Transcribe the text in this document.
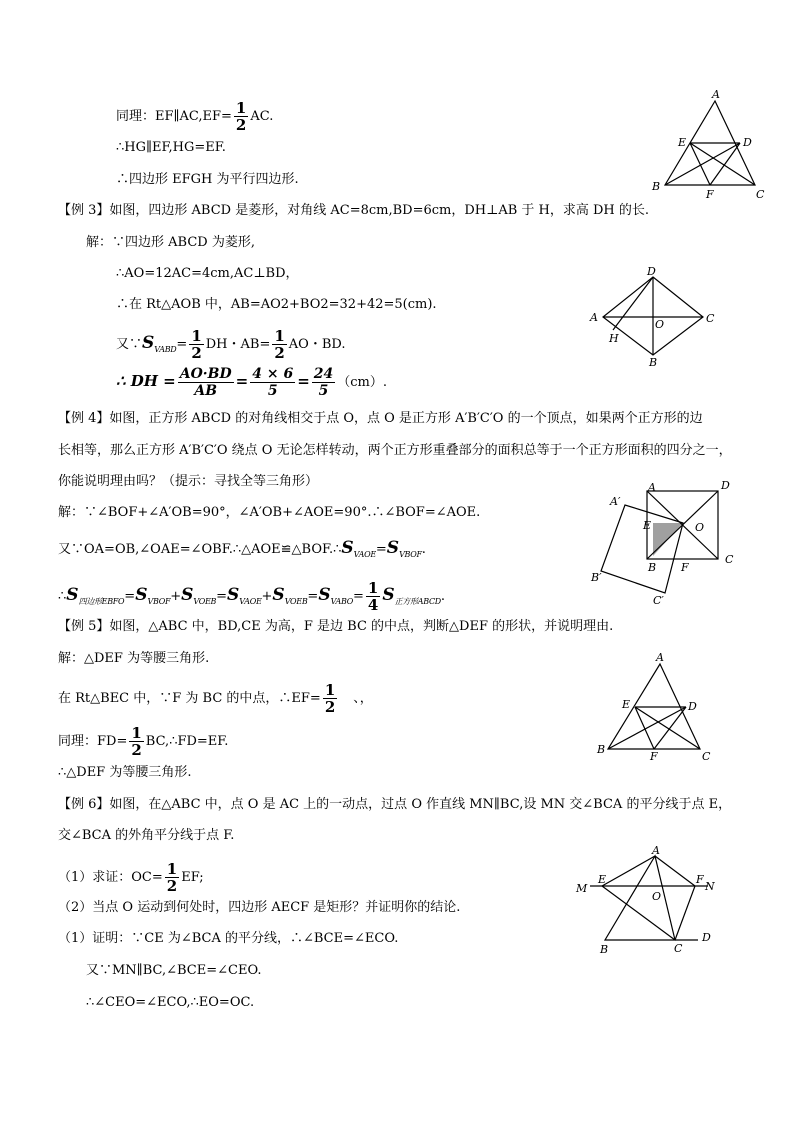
同理：EF∥AC,EF= $\frac{1}{2}$ AC.
∴HG∥EF,HG=EF.
∴四边形 EFGH 为平行四边形.
【例 3】如图，四边形 ABCD 是菱形，对角线 AC=8cm,BD=6cm，DH⊥AB 于 H，求高 DH 的长.
解：∵四边形 ABCD 为菱形,
∴AO=12AC=4cm,AC⊥BD，
∴在 Rt△AOB 中，AB=AO2+BO2=32+42=5(cm).
又$\because S_{VABD}= \frac{1}{2}$ DH・$AB= \frac{1}{2}$ AO・BD.
∴ DH = $\frac{AO\cdot BD}{AB} = \frac{4 \times 6}{5} = \frac{24}{5} (cm)$.
【例 4】如图，正方形 ABCD 的对角线相交于点 O，点 O 是正方形 A′B′C′O 的一个顶点，如果两个正方形的边
长相等，那么正方形 A′B′C′O 绕点 O 无论怎样转动，两个正方形重叠部分的面积总等于一个正方形面积的四分之一，
你能说明理由吗？（提示：寻找全等三角形）
解：∵∠BOF+∠A′OB=90°，∠A′OB+∠AOE=90°.∴∠BOF=∠AOE.
又$\because OA=OB,\angle OAE=\angle OBF.\therefore\triangle AOE≌\triangle BOF.\therefore S_{VAOE}=S_{VBOF}$.
$\therefore S_{四边形EBFO}=S_{VBOF}+S_{VOEB}=S_{VAOE}+S_{VOEB}=S_{VABO}= \frac{1}{4} S_{正方形ABCD}$.
【例 5】如图，△ABC 中，BD,CE 为高，F 是边 BC 的中点，判断△DEF 的形状，并说明理由.
解：△DEF 为等腰三角形.
在 Rt△BEC 中，∵F 为 BC 的中点，∴EF= $\frac{1}{2}$ 、，
同理：$FD= \frac{1}{2}$ BC,∴FD=EF.
∴△DEF 为等腰三角形.
【例 6】如图，在△ABC 中，点 O 是 AC 上的一动点，过点 O 作直线 MN∥BC,设 MN 交∠BCA 的平分线于点 E，
交∠BCA 的外角平分线于点 F.
（1）求证：$OC= \frac{1}{2}$ EF;
（2）当点 O 运动到何处时，四边形 AECF 是矩形？并证明你的结论.
（1）证明：∵CE 为∠BCA 的平分线，∴∠BCE=∠ECO.
又∵MN∥BC,∠BCE=∠CEO.
∴∠CEO=∠ECO,∴EO=OC.
A
B
C
D
E
F
D
A	C
O
H
B
A	D
C
B
E	O
F
A′
B′
C′
A
B
C
D
E
F
A
M
E
O
F
N
B	C
D
